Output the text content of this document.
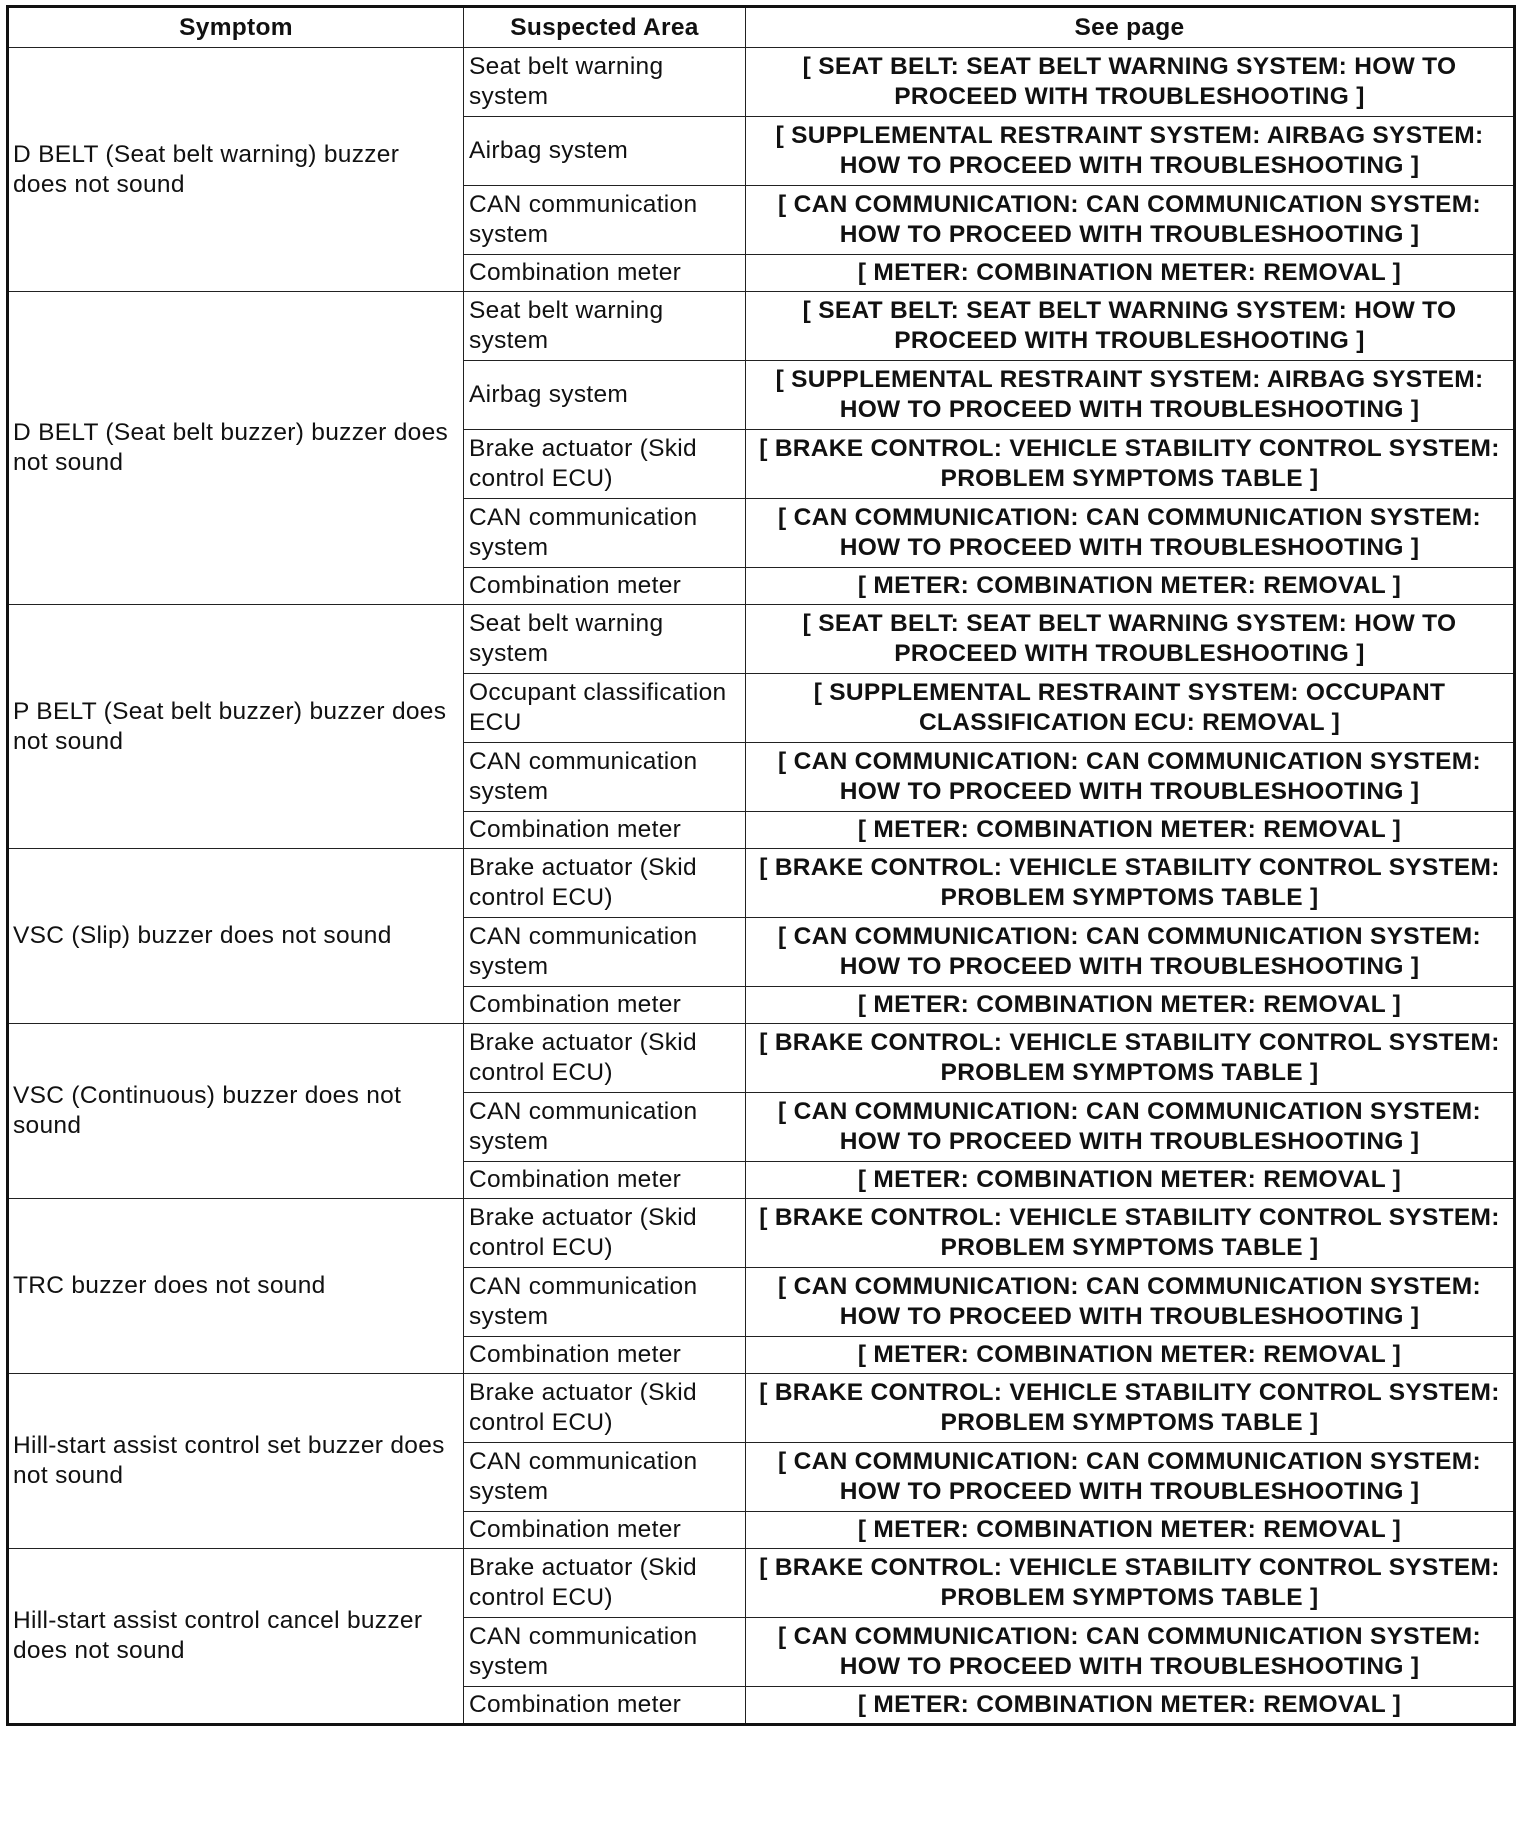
Symptom	Suspected Area	See page
D BELT (Seat belt warning) buzzer does not sound	Seat belt warning system	[ SEAT BELT: SEAT BELT WARNING SYSTEM: HOW TO PROCEED WITH TROUBLESHOOTING ]
	Airbag system	[ SUPPLEMENTAL RESTRAINT SYSTEM: AIRBAG SYSTEM: HOW TO PROCEED WITH TROUBLESHOOTING ]
	CAN communication system	[ CAN COMMUNICATION: CAN COMMUNICATION SYSTEM: HOW TO PROCEED WITH TROUBLESHOOTING ]
	Combination meter	[ METER: COMBINATION METER: REMOVAL ]
D BELT (Seat belt buzzer) buzzer does not sound	Seat belt warning system	[ SEAT BELT: SEAT BELT WARNING SYSTEM: HOW TO PROCEED WITH TROUBLESHOOTING ]
	Airbag system	[ SUPPLEMENTAL RESTRAINT SYSTEM: AIRBAG SYSTEM: HOW TO PROCEED WITH TROUBLESHOOTING ]
	Brake actuator (Skid control ECU)	[ BRAKE CONTROL: VEHICLE STABILITY CONTROL SYSTEM: PROBLEM SYMPTOMS TABLE ]
	CAN communication system	[ CAN COMMUNICATION: CAN COMMUNICATION SYSTEM: HOW TO PROCEED WITH TROUBLESHOOTING ]
	Combination meter	[ METER: COMBINATION METER: REMOVAL ]
P BELT (Seat belt buzzer) buzzer does not sound	Seat belt warning system	[ SEAT BELT: SEAT BELT WARNING SYSTEM: HOW TO PROCEED WITH TROUBLESHOOTING ]
	Occupant classification ECU	[ SUPPLEMENTAL RESTRAINT SYSTEM: OCCUPANT CLASSIFICATION ECU: REMOVAL ]
	CAN communication system	[ CAN COMMUNICATION: CAN COMMUNICATION SYSTEM: HOW TO PROCEED WITH TROUBLESHOOTING ]
	Combination meter	[ METER: COMBINATION METER: REMOVAL ]
VSC (Slip) buzzer does not sound	Brake actuator (Skid control ECU)	[ BRAKE CONTROL: VEHICLE STABILITY CONTROL SYSTEM: PROBLEM SYMPTOMS TABLE ]
	CAN communication system	[ CAN COMMUNICATION: CAN COMMUNICATION SYSTEM: HOW TO PROCEED WITH TROUBLESHOOTING ]
	Combination meter	[ METER: COMBINATION METER: REMOVAL ]
VSC (Continuous) buzzer does not sound	Brake actuator (Skid control ECU)	[ BRAKE CONTROL: VEHICLE STABILITY CONTROL SYSTEM: PROBLEM SYMPTOMS TABLE ]
	CAN communication system	[ CAN COMMUNICATION: CAN COMMUNICATION SYSTEM: HOW TO PROCEED WITH TROUBLESHOOTING ]
	Combination meter	[ METER: COMBINATION METER: REMOVAL ]
TRC buzzer does not sound	Brake actuator (Skid control ECU)	[ BRAKE CONTROL: VEHICLE STABILITY CONTROL SYSTEM: PROBLEM SYMPTOMS TABLE ]
	CAN communication system	[ CAN COMMUNICATION: CAN COMMUNICATION SYSTEM: HOW TO PROCEED WITH TROUBLESHOOTING ]
	Combination meter	[ METER: COMBINATION METER: REMOVAL ]
Hill-start assist control set buzzer does not sound	Brake actuator (Skid control ECU)	[ BRAKE CONTROL: VEHICLE STABILITY CONTROL SYSTEM: PROBLEM SYMPTOMS TABLE ]
	CAN communication system	[ CAN COMMUNICATION: CAN COMMUNICATION SYSTEM: HOW TO PROCEED WITH TROUBLESHOOTING ]
	Combination meter	[ METER: COMBINATION METER: REMOVAL ]
Hill-start assist control cancel buzzer does not sound	Brake actuator (Skid control ECU)	[ BRAKE CONTROL: VEHICLE STABILITY CONTROL SYSTEM: PROBLEM SYMPTOMS TABLE ]
	CAN communication system	[ CAN COMMUNICATION: CAN COMMUNICATION SYSTEM: HOW TO PROCEED WITH TROUBLESHOOTING ]
	Combination meter	[ METER: COMBINATION METER: REMOVAL ]
